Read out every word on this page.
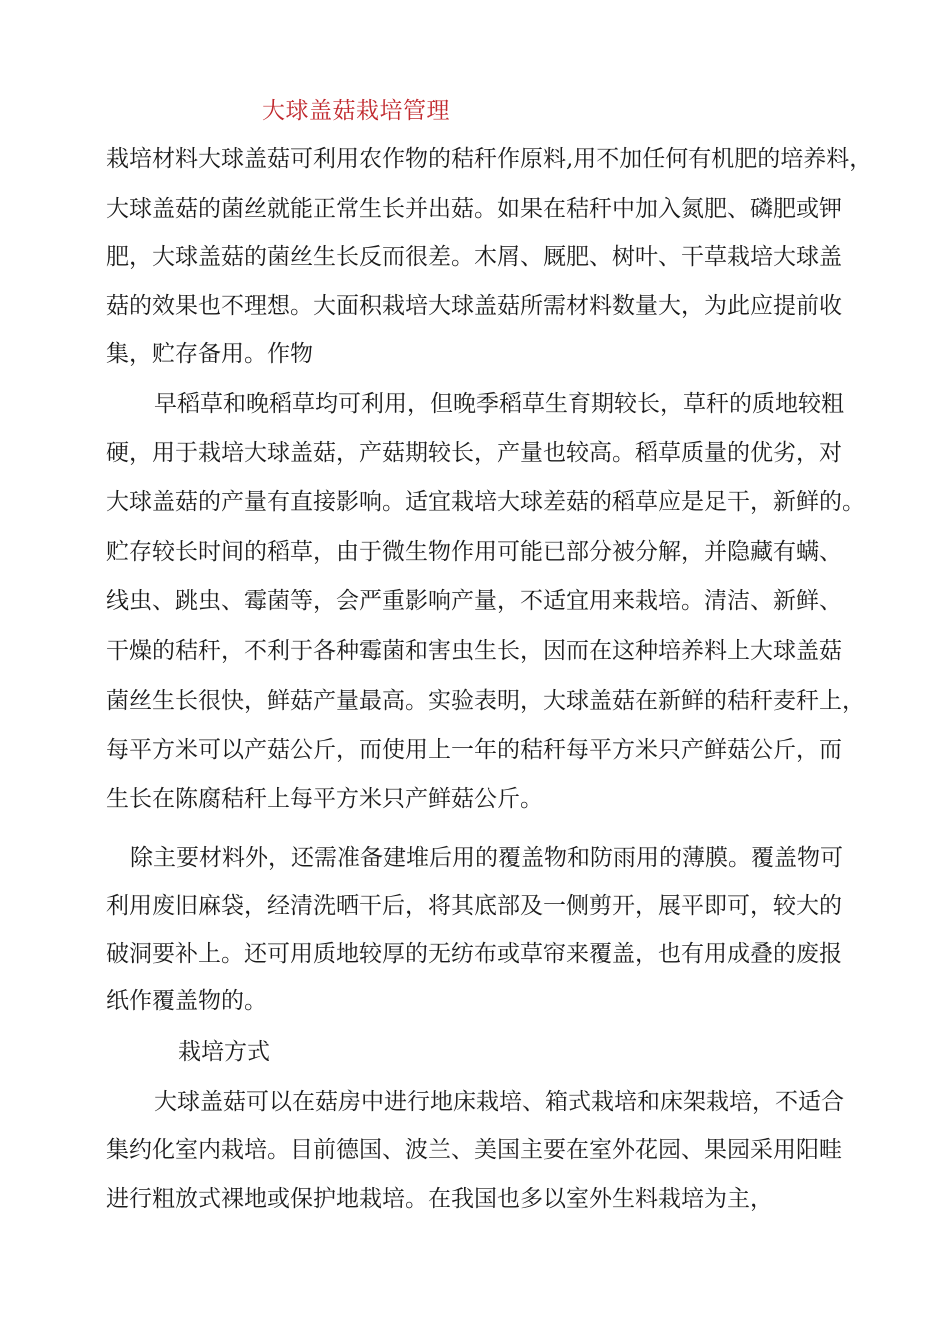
大球盖菇栽培管理
栽培材料大球盖菇可利用农作物的秸秆作原料,用不加任何有机肥的培养料，
大球盖菇的菌丝就能正常生长并出菇。如果在秸秆中加入氮肥、磷肥或钾
肥，大球盖菇的菌丝生长反而很差。木屑、厩肥、树叶、干草栽培大球盖
菇的效果也不理想。大面积栽培大球盖菇所需材料数量大，为此应提前收
集，贮存备用。作物
早稻草和晚稻草均可利用，但晚季稻草生育期较长，草秆的质地较粗
硬，用于栽培大球盖菇，产菇期较长，产量也较高。稻草质量的优劣，对
大球盖菇的产量有直接影响。适宜栽培大球差菇的稻草应是足干，新鲜的。
贮存较长时间的稻草，由于微生物作用可能已部分被分解，并隐藏有螨、
线虫、跳虫、霉菌等，会严重影响产量，不适宜用来栽培。清洁、新鲜、
干燥的秸秆，不利于各种霉菌和害虫生长，因而在这种培养料上大球盖菇
菌丝生长很快，鲜菇产量最高。实验表明，大球盖菇在新鲜的秸秆麦秆上，
每平方米可以产菇公斤，而使用上一年的秸秆每平方米只产鲜菇公斤，而
生长在陈腐秸秆上每平方米只产鲜菇公斤。
除主要材料外，还需准备建堆后用的覆盖物和防雨用的薄膜。覆盖物可
利用废旧麻袋，经清洗晒干后，将其底部及一侧剪开，展平即可，较大的
破洞要补上。还可用质地较厚的无纺布或草帘来覆盖，也有用成叠的废报
纸作覆盖物的。
栽培方式
大球盖菇可以在菇房中进行地床栽培、箱式栽培和床架栽培，不适合
集约化室内栽培。目前德国、波兰、美国主要在室外花园、果园采用阳畦
进行粗放式裸地或保护地栽培。在我国也多以室外生料栽培为主，
